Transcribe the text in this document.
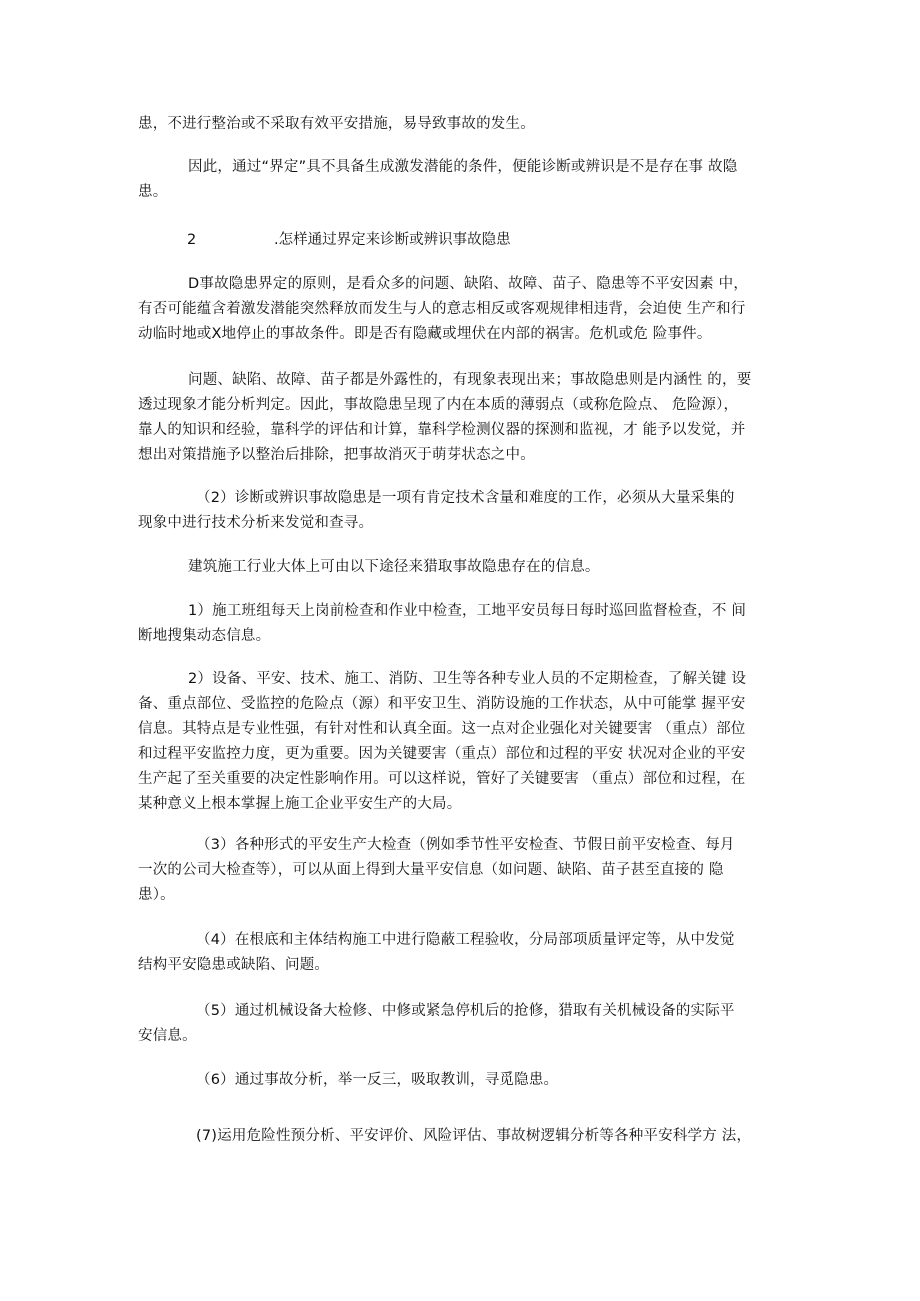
患，不进行整治或不采取有效平安措施，易导致事故的发生。

因此，通过“界定”具不具备生成激发潜能的条件，便能诊断或辨识是不是存在事 故隐
患。

2	.怎样通过界定来诊断或辨识事故隐患

D事故隐患界定的原则，是看众多的问题、缺陷、故障、苗子、隐患等不平安因素 中，
有否可能蕴含着激发潜能突然释放而发生与人的意志相反或客观规律相违背，会迫使 生产和行
动临时地或X地停止的事故条件。即是否有隐藏或埋伏在内部的祸害。危机或危 险事件。

问题、缺陷、故障、苗子都是外露性的，有现象表现出来；事故隐患则是内涵性 的，要
透过现象才能分析判定。因此，事故隐患呈现了内在本质的薄弱点（或称危险点、 危险源），
靠人的知识和经验，靠科学的评估和计算，靠科学检测仪器的探测和监视，才 能予以发觉，并
想出对策措施予以整治后排除，把事故消灭于萌芽状态之中。

（2）诊断或辨识事故隐患是一项有肯定技术含量和难度的工作，必须从大量采集的
现象中进行技术分析来发觉和查寻。

建筑施工行业大体上可由以下途径来猎取事故隐患存在的信息。

1）施工班组每天上岗前检查和作业中检查，工地平安员每日每时巡回监督检查，不 间
断地搜集动态信息。

2）设备、平安、技术、施工、消防、卫生等各种专业人员的不定期检查，了解关键 设
备、重点部位、受监控的危险点（源）和平安卫生、消防设施的工作状态，从中可能掌 握平安
信息。其特点是专业性强，有针对性和认真全面。这一点对企业强化对关键要害 （重点）部位
和过程平安监控力度，更为重要。因为关键要害（重点）部位和过程的平安 状况对企业的平安
生产起了至关重要的决定性影响作用。可以这样说，管好了关键要害 （重点）部位和过程，在
某种意义上根本掌握上施工企业平安生产的大局。

（3）各种形式的平安生产大检查（例如季节性平安检查、节假日前平安检查、每月
一次的公司大检查等），可以从面上得到大量平安信息（如问题、缺陷、苗子甚至直接的 隐
患）。

（4）在根底和主体结构施工中进行隐蔽工程验收，分局部项质量评定等，从中发觉
结构平安隐患或缺陷、问题。

（5）通过机械设备大检修、中修或紧急停机后的抢修，猎取有关机械设备的实际平
安信息。

（6）通过事故分析，举一反三，吸取教训，寻觅隐患。

(7)运用危险性预分析、平安评价、风险评估、事故树逻辑分析等各种平安科学方 法，
